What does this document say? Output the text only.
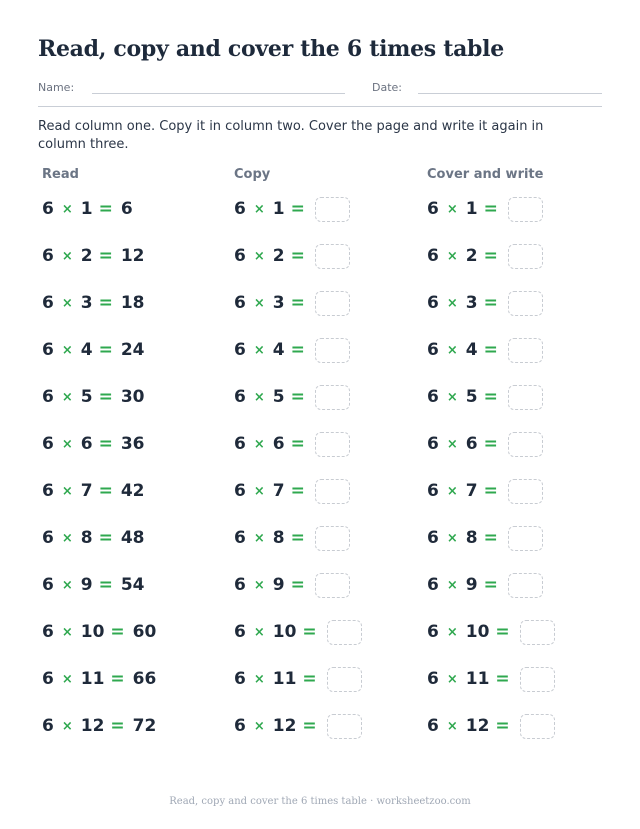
Read, copy and cover the 6 times table
Name:	Date:
Read column one. Copy it in column two. Cover the page and write it again in column three.
Read	Copy	Cover and write
6 × 1 = 6	6 × 1 =	6 × 1 =
6 × 2 = 12	6 × 2 =	6 × 2 =
6 × 3 = 18	6 × 3 =	6 × 3 =
6 × 4 = 24	6 × 4 =	6 × 4 =
6 × 5 = 30	6 × 5 =	6 × 5 =
6 × 6 = 36	6 × 6 =	6 × 6 =
6 × 7 = 42	6 × 7 =	6 × 7 =
6 × 8 = 48	6 × 8 =	6 × 8 =
6 × 9 = 54	6 × 9 =	6 × 9 =
6 × 10 = 60	6 × 10 =	6 × 10 =
6 × 11 = 66	6 × 11 =	6 × 11 =
6 × 12 = 72	6 × 12 =	6 × 12 =
Read, copy and cover the 6 times table · worksheetzoo.com
